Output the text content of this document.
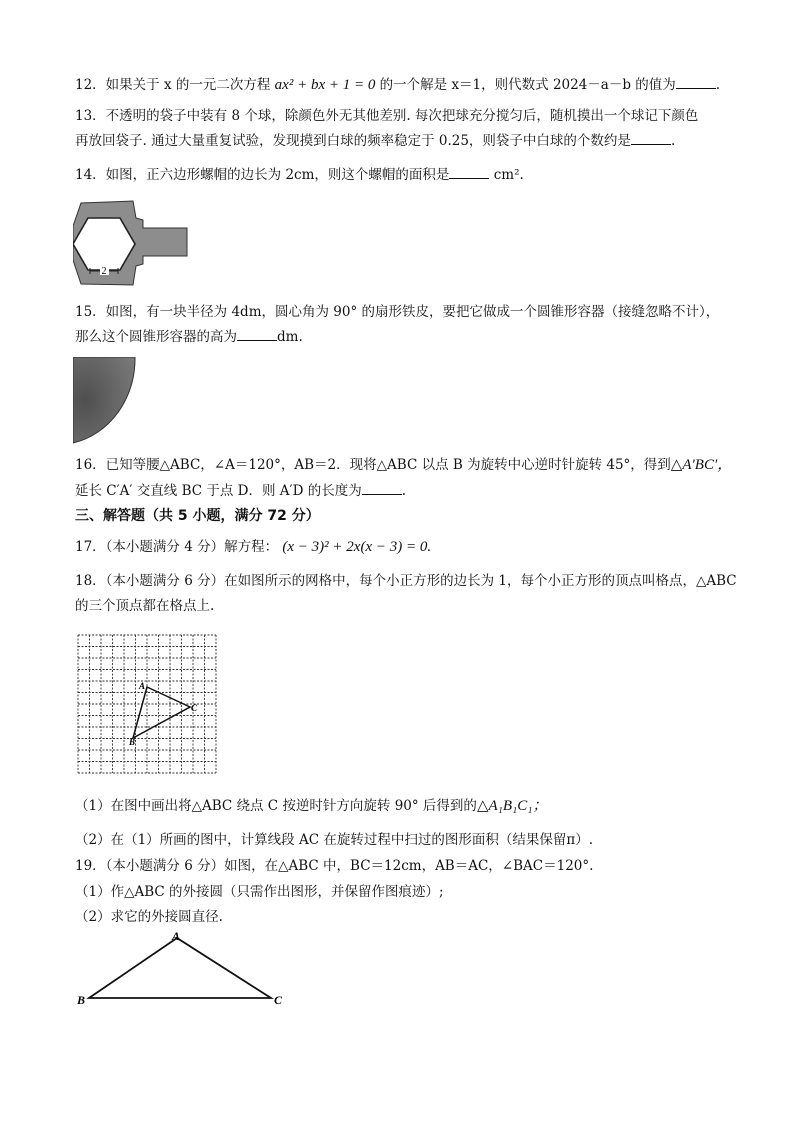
12．如果关于 x 的一元二次方程 ax² + bx + 1 = 0 的一个解是 x＝1，则代数式 2024－a－b 的值为	.
13．不透明的袋子中装有 8 个球，除颜色外无其他差别. 每次把球充分搅匀后，随机摸出一个球记下颜色
再放回袋子. 通过大量重复试验，发现摸到白球的频率稳定于 0.25，则袋子中白球的个数约是	.
14．如图，正六边形螺帽的边长为 2cm，则这个螺帽的面积是	cm².
2
15．如图，有一块半径为 4dm，圆心角为 90° 的扇形铁皮，要把它做成一个圆锥形容器（接缝忽略不计），
那么这个圆锥形容器的高为	dm.
16．已知等腰△ABC，∠A＝120°，AB＝2．现将△ABC 以点 B 为旋转中心逆时针旋转 45°，得到△A′BC′，
延长 C′A′ 交直线 BC 于点 D．则 A′D 的长度为	.
三、解答题（共 5 小题，满分 72 分）
17．（本小题满分 4 分）解方程： (x − 3)² + 2x(x − 3) = 0.
18．（本小题满分 6 分）在如图所示的网格中，每个小正方形的边长为 1，每个小正方形的顶点叫格点，△ABC
的三个顶点都在格点上.
A
B
C
（1）在图中画出将△ABC 绕点 C 按逆时针方向旋转 90° 后得到的△A₁B₁C₁；
（2）在（1）所画的图中，计算线段 AC 在旋转过程中扫过的图形面积（结果保留π）.
19．（本小题满分 6 分）如图，在△ABC 中，BC＝12cm，AB＝AC，∠BAC＝120°.
（1）作△ABC 的外接圆（只需作出图形，并保留作图痕迹）;
（2）求它的外接圆直径.
A
B	C
